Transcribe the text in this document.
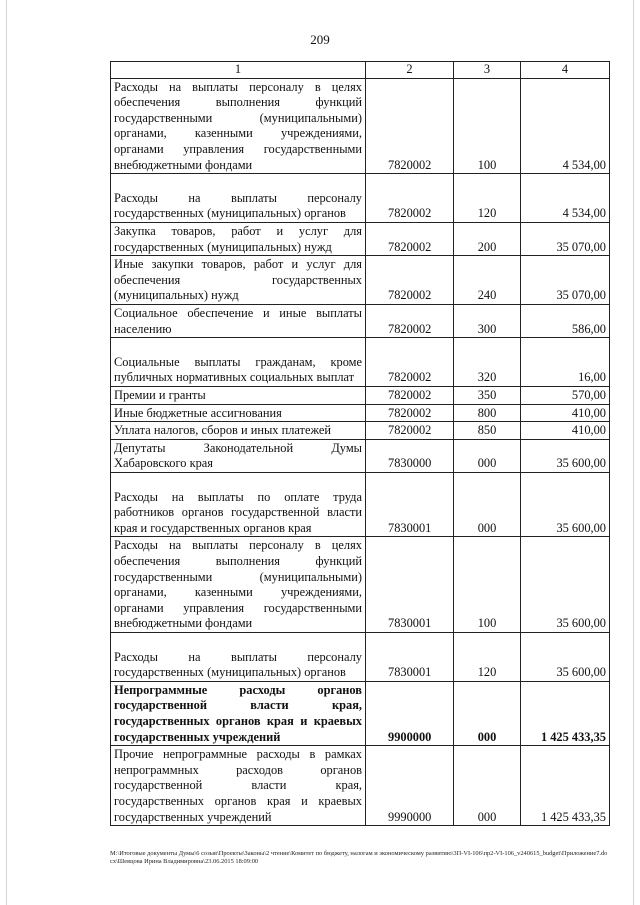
209
1	2	3	4
Расходы на выплаты персоналу в целях обеспечения выполнения функций государственными (муниципальными) органами, казенными учреждениями, органами управления государственными внебюджетными фондами	7820002	100	4 534,00
Расходы на выплаты персоналу государственных (муниципальных) органов	7820002	120	4 534,00
Закупка товаров, работ и услуг для государственных (муниципальных) нужд	7820002	200	35 070,00
Иные закупки товаров, работ и услуг для обеспечения государственных (муниципальных) нужд	7820002	240	35 070,00
Социальное обеспечение и иные выплаты населению	7820002	300	586,00
Социальные выплаты гражданам, кроме публичных нормативных социальных выплат	7820002	320	16,00
Премии и гранты	7820002	350	570,00
Иные бюджетные ассигнования	7820002	800	410,00
Уплата налогов, сборов и иных платежей	7820002	850	410,00
Депутаты Законодательной Думы Хабаровского края	7830000	000	35 600,00
Расходы на выплаты по оплате труда работников органов государственной власти края и государственных органов края	7830001	000	35 600,00
Расходы на выплаты персоналу в целях обеспечения выполнения функций государственными (муниципальными) органами, казенными учреждениями, органами управления государственными внебюджетными фондами	7830001	100	35 600,00
Расходы на выплаты персоналу государственных (муниципальных) органов	7830001	120	35 600,00
Непрограммные расходы органов государственной власти края, государственных органов края и краевых государственных учреждений	9900000	000	1 425 433,35
Прочие непрограммные расходы в рамках непрограммных расходов органов государственной власти края, государственных органов края и краевых государственных учреждений	9990000	000	1 425 433,35
M:\Итоговые документы Думы\6 созыв\Проекты\Законы\2 чтение\Комитет по бюджету, налогам и экономическому развитию\3П-VI-106\пр2-VI-106_v240615_budget\Приложение7.docx\Шевцова Ирина Владимировна\23.06.2015 18:09:00
